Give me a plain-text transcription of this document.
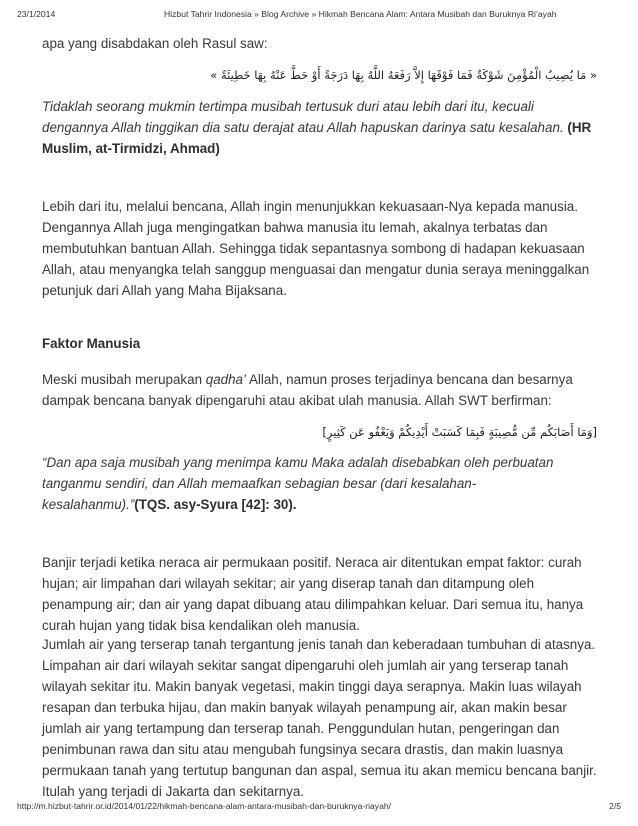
23/1/2014	Hizbut Tahrir Indonesia » Blog Archive » Hikmah Bencana Alam: Antara Musibah dan Buruknya Ri’ayah

apa yang disabdakan oleh Rasul saw:

« مَا يُصِيبُ الْمُؤْمِنَ شَوْكَةٌ فَمَا فَوْقَهَا إِلاَّ رَفَعَهُ اللَّهُ بِهَا دَرَجَةً أَوْ حَطَّ عَنْهُ بِهَا خَطِيئَةً »

Tidaklah seorang mukmin tertimpa musibah tertusuk duri atau lebih dari itu, kecuali dengannya Allah tinggikan dia satu derajat atau Allah hapuskan darinya satu kesalahan. (HR Muslim, at-Tirmidzi, Ahmad)

Lebih dari itu, melalui bencana, Allah ingin menunjukkan kekuasaan-Nya kepada manusia. Dengannya Allah juga mengingatkan bahwa manusia itu lemah, akalnya terbatas dan membutuhkan bantuan Allah. Sehingga tidak sepantasnya sombong di hadapan kekuasaan Allah, atau menyangka telah sanggup menguasai dan mengatur dunia seraya meninggalkan petunjuk dari Allah yang Maha Bijaksana.

Faktor Manusia

Meski musibah merupakan qadha’ Allah, namun proses terjadinya bencana dan besarnya dampak bencana banyak dipengaruhi atau akibat ulah manusia. Allah SWT berfirman:

[وَمَا أَصَابَكُم مِّن مُّصِيبَةٍ فَبِمَا كَسَبَتْ أَيْدِيكُمْ وَيَعْفُو عَن كَثِيرٍ]

“Dan apa saja musibah yang menimpa kamu Maka adalah disebabkan oleh perbuatan tanganmu sendiri, dan Allah memaafkan sebagian besar (dari kesalahan-kesalahanmu).”(TQS. asy-Syura [42]: 30).

Banjir terjadi ketika neraca air permukaan positif. Neraca air ditentukan empat faktor: curah hujan; air limpahan dari wilayah sekitar; air yang diserap tanah dan ditampung oleh penampung air; dan air yang dapat dibuang atau dilimpahkan keluar. Dari semua itu, hanya curah hujan yang tidak bisa kendalikan oleh manusia.

Jumlah air yang terserap tanah tergantung jenis tanah dan keberadaan tumbuhan di atasnya. Limpahan air dari wilayah sekitar sangat dipengaruhi oleh jumlah air yang terserap tanah wilayah sekitar itu. Makin banyak vegetasi, makin tinggi daya serapnya. Makin luas wilayah resapan dan terbuka hijau, dan makin banyak wilayah penampung air, akan makin besar jumlah air yang tertampung dan terserap tanah. Penggundulan hutan, pengeringan dan penimbunan rawa dan situ atau mengubah fungsinya secara drastis, dan makin luasnya permukaan tanah yang tertutup bangunan dan aspal, semua itu akan memicu bencana banjir. Itulah yang terjadi di Jakarta dan sekitarnya.

http://m.hizbut-tahrir.or.id/2014/01/22/hikmah-bencana-alam-antara-musibah-dan-buruknya-riayah/	2/5
